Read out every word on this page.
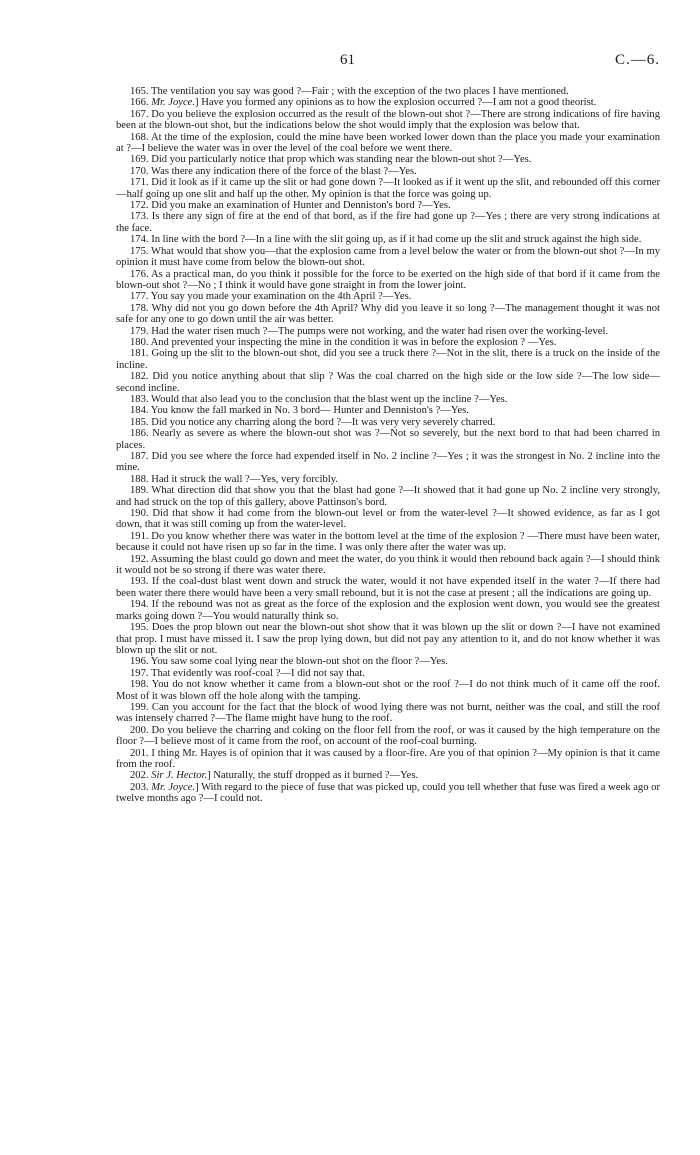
61	C.—6.

165. The ventilation you say was good ?—Fair ; with the exception of the two places I have mentioned.

166. Mr. Joyce.] Have you formed any opinions as to how the explosion occurred ?—I am not a good theorist.

167. Do you believe the explosion occurred as the result of the blown-out shot ?—There are strong indications of fire having been at the blown-out shot, but the indications below the shot would imply that the explosion was below that.

168. At the time of the explosion, could the mine have been worked lower down than the place you made your examination at ?—I believe the water was in over the level of the coal before we went there.

169. Did you particularly notice that prop which was standing near the blown-out shot ?—Yes.

170. Was there any indication there of the force of the blast ?—Yes.

171. Did it look as if it came up the slit or had gone down ?—It looked as if it went up the slit, and rebounded off this corner—half going up one slit and half up the other. My opinion is that the force was going up.

172. Did you make an examination of Hunter and Denniston's bord ?—Yes.

173. Is there any sign of fire at the end of that bord, as if the fire had gone up ?—Yes ; there are very strong indications at the face.

174. In line with the bord ?—In a line with the slit going up, as if it had come up the slit and struck against the high side.

175. What would that show you—that the explosion came from a level below the water or from the blown-out shot ?—In my opinion it must have come from below the blown-out shot.

176. As a practical man, do you think it possible for the force to be exerted on the high side of that bord if it came from the blown-out shot ?—No ; I think it would have gone straight in from the lower joint.

177. You say you made your examination on the 4th April ?—Yes.

178. Why did not you go down before the 4th April? Why did you leave it so long ?—The management thought it was not safe for any one to go down until the air was better.

179. Had the water risen much ?—The pumps were not working, and the water had risen over the working-level.

180. And prevented your inspecting the mine in the condition it was in before the explosion ? —Yes.

181. Going up the slit to the blown-out shot, did you see a truck there ?—Not in the slit, there is a truck on the inside of the incline.

182. Did you notice anything about that slip ? Was the coal charred on the high side or the low side ?—The low side—second incline.

183. Would that also lead you to the conclusion that the blast went up the incline ?—Yes.

184. You know the fall marked in No. 3 bord— Hunter and Denniston's ?—Yes.

185. Did you notice any charring along the bord ?—It was very very severely charred.

186. Nearly as severe as where the blown-out shot was ?—Not so severely, but the next bord to that had been charred in places.

187. Did you see where the force had expended itself in No. 2 incline ?—Yes ; it was the strongest in No. 2 incline into the mine.

188. Had it struck the wall ?—Yes, very forcibly.

189. What direction did that show you that the blast had gone ?—It showed that it had gone up No. 2 incline very strongly, and had struck on the top of this gallery, above Pattinson's bord.

190. Did that show it had come from the blown-out level or from the water-level ?—It showed evidence, as far as I got down, that it was still coming up from the water-level.

191. Do you know whether there was water in the bottom level at the time of the explosion ? —There must have been water, because it could not have risen up so far in the time. I was only there after the water was up.

192. Assuming the blast could go down and meet the water, do you think it would then rebound back again ?—I should think it would not be so strong if there was water there.

193. If the coal-dust blast went down and struck the water, would it not have expended itself in the water ?—If there had been water there there would have been a very small rebound, but it is not the case at present ; all the indications are going up.

194. If the rebound was not as great as the force of the explosion and the explosion went down, you would see the greatest marks going down ?—You would naturally think so.

195. Does the prop blown out near the blown-out shot show that it was blown up the slit or down ?—I have not examined that prop. I must have missed it. I saw the prop lying down, but did not pay any attention to it, and do not know whether it was blown up the slit or not.

196. You saw some coal lying near the blown-out shot on the floor ?—Yes.

197. That evidently was roof-coal ?—I did not say that.

198. You do not know whether it came from a blown-out shot or the roof ?—I do not think much of it came off the roof. Most of it was blown off the hole along with the tamping.

199. Can you account for the fact that the block of wood lying there was not burnt, neither was the coal, and still the roof was intensely charred ?—The flame might have hung to the roof.

200. Do you believe the charring and coking on the floor fell from the roof, or was it caused by the high temperature on the floor ?—I believe most of it came from the roof, on account of the roof-coal burning.

201. I thing Mr. Hayes is of opinion that it was caused by a floor-fire. Are you of that opinion ?—My opinion is that it came from the roof.

202. Sir J. Hector.] Naturally, the stuff dropped as it burned ?—Yes.

203. Mr. Joyce.] With regard to the piece of fuse that was picked up, could you tell whether that fuse was fired a week ago or twelve months ago ?—I could not.
